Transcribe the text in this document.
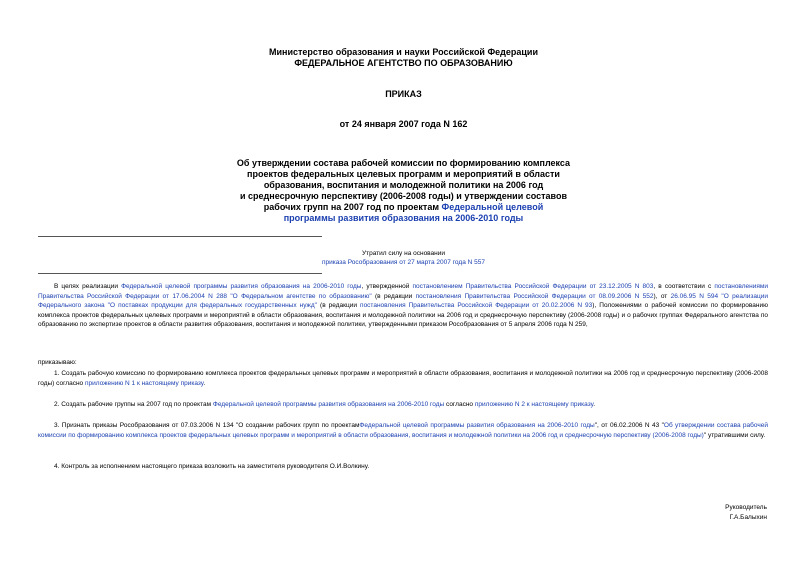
Министерство образования и науки Российской Федерации
ФЕДЕРАЛЬНОЕ АГЕНТСТВО ПО ОБРАЗОВАНИЮ
ПРИКАЗ
от 24 января 2007 года N 162
Об утверждении состава рабочей комиссии по формированию комплекса
проектов федеральных целевых программ и мероприятий в области
образования, воспитания и молодежной политики на 2006 год
и среднесрочную перспективу (2006-2008 годы) и утверждении составов
рабочих групп на 2007 год по проектам Федеральной целевой
программы развития образования на 2006-2010 годы
Утратил силу на основании
приказа Рособразования от 27 марта 2007 года N 557
В целях реализации Федеральной целевой программы развития образования на 2006-2010 годы, утвержденной постановлением Правительства Российской Федерации от 23.12.2005 N 803, в соответствии с постановлениями Правительства Российской Федерации от 17.06.2004 N 288 "О Федеральном агентстве по образованию" (в редакции постановления Правительства Российской Федерации от 08.09.2006 N 552), от 26.06.95 N 594 "О реализации Федерального закона "О поставках продукции для федеральных государственных нужд" (в редакции постановления Правительства Российской Федерации от 20.02.2006 N 93), Положениями о рабочей комиссии по формированию комплекса проектов федеральных целевых программ и мероприятий в области образования, воспитания и молодежной политики на 2006 год и среднесрочную перспективу (2006-2008 годы) и о рабочих группах Федерального агентства по образованию по экспертизе проектов в области развития образования, воспитания и молодежной политики, утвержденными приказом Рособразования от 5 апреля 2006 года N 259,
приказываю:
1. Создать рабочую комиссию по формированию комплекса проектов федеральных целевых программ и мероприятий в области образования, воспитания и молодежной политики на 2006 год и среднесрочную перспективу (2006-2008 годы) согласно приложению N 1 к настоящему приказу.
2. Создать рабочие группы на 2007 год по проектам Федеральной целевой программы развития образования на 2006-2010 годы согласно приложению N 2 к настоящему приказу.
3. Признать приказы Рособразования от 07.03.2006 N 134 "О создании рабочих групп по проектамФедеральной целевой программы развития образования на 2006-2010 годы", от 06.02.2006 N 43 "Об утверждении состава рабочей комиссии по формированию комплекса проектов федеральных целевых программ и мероприятий в области образования, воспитания и молодежной политики на 2006 год и среднесрочную перспективу (2006-2008 годы)" утратившими силу.
4. Контроль за исполнением настоящего приказа возложить на заместителя руководителя О.И.Волкину.
Руководитель
Г.А.Балыхин
